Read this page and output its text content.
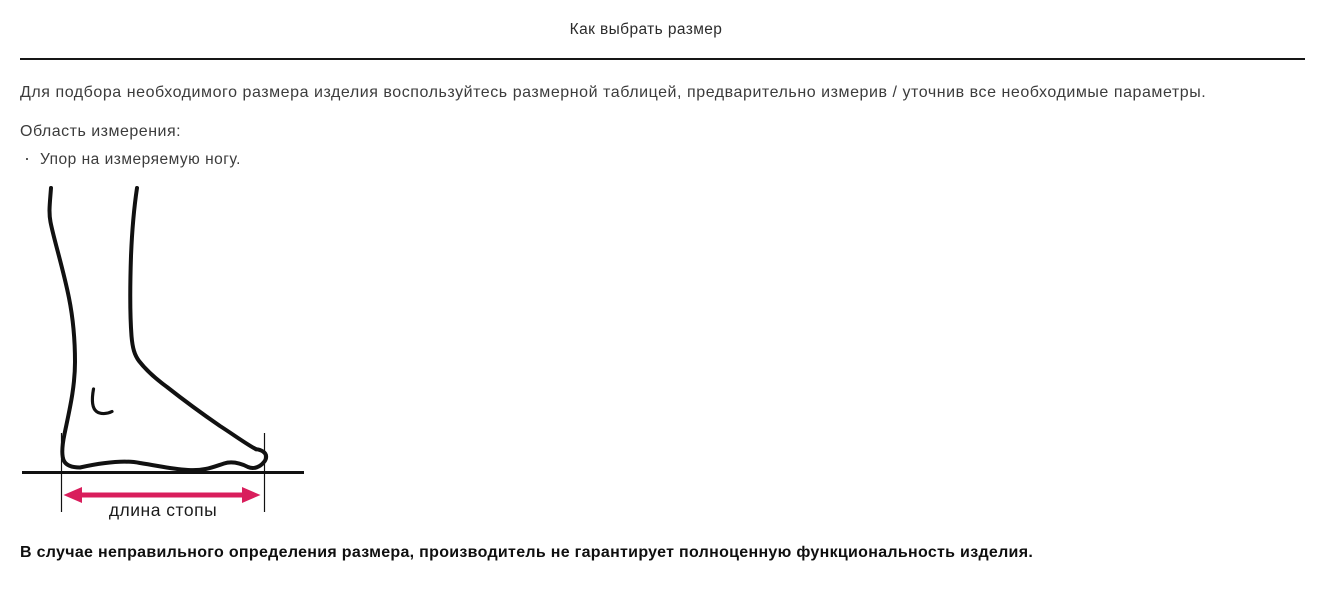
Как выбрать размер
Для подбора необходимого размера изделия воспользуйтесь размерной таблицей, предварительно измерив / уточнив все необходимые параметры.
Область измерения:
· Упор на измеряемую ногу.
длина стопы
В случае неправильного определения размера, производитель не гарантирует полноценную функциональность изделия.
